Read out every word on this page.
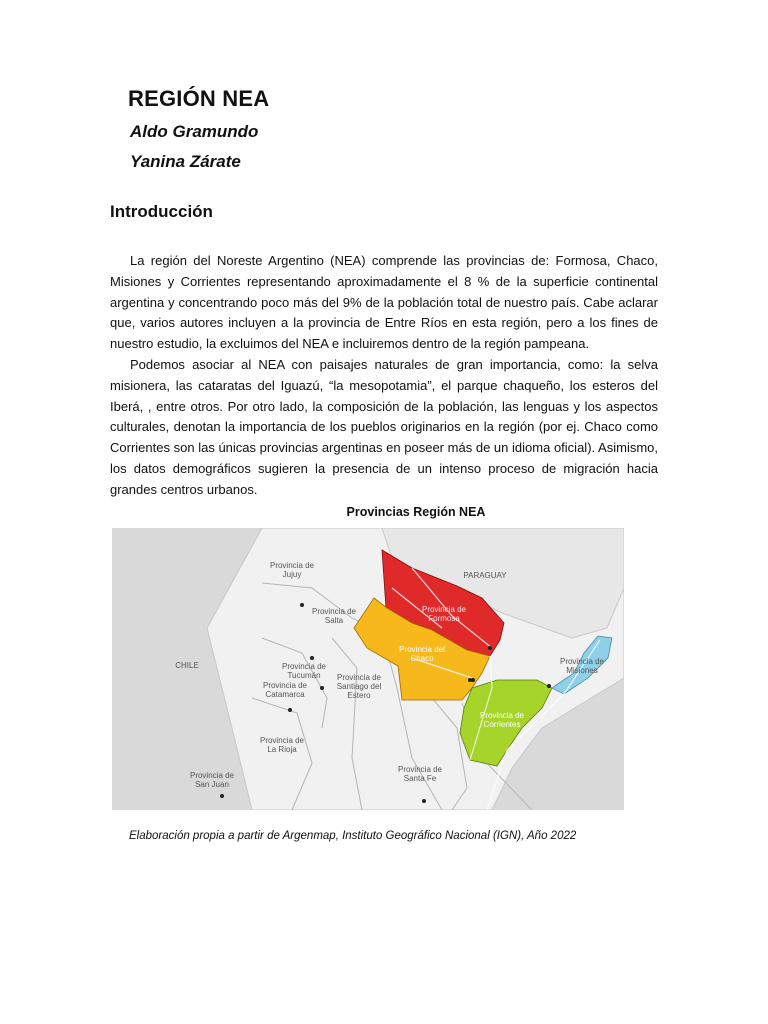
REGIÓN NEA

Aldo Gramundo

Yanina Zárate

Introducción

La región del Noreste Argentino (NEA) comprende las provincias de: Formosa, Chaco, Misiones y Corrientes representando aproximadamente el 8 % de la superficie continental argentina y concentrando poco más del 9% de la población total de nuestro país. Cabe aclarar que, varios autores incluyen a la provincia de Entre Ríos en esta región, pero a los fines de nuestro estudio, la excluimos del NEA e incluiremos dentro de la región pampeana.

Podemos asociar al NEA con paisajes naturales de gran importancia, como: la selva misionera, las cataratas del Iguazú, “la mesopotamia”, el parque chaqueño, los esteros del Iberá, , entre otros. Por otro lado, la composición de la población, las lenguas y los aspectos culturales, denotan la importancia de los pueblos originarios en la región (por ej. Chaco como Corrientes son las únicas provincias argentinas en poseer más de un idioma oficial). Asimismo, los datos demográficos sugieren la presencia de un intenso proceso de migración hacia grandes centros urbanos.

Provincias Región NEA

Provincia de Jujuy
Provincia de Salta
Provincia de Tucumán
Provincia de Catamarca
Provincia de Santiago del Estero
Provincia de La Rioja
Provincia de San Juan
Provincia de Santa Fe
Provincia de Formosa
Provincia del Chaco
Provincia de Corrientes
Provincia de Misiones
PARAGUAY
CHILE

Elaboración propia a partir de Argenmap, Instituto Geográfico Nacional (IGN), Año 2022
